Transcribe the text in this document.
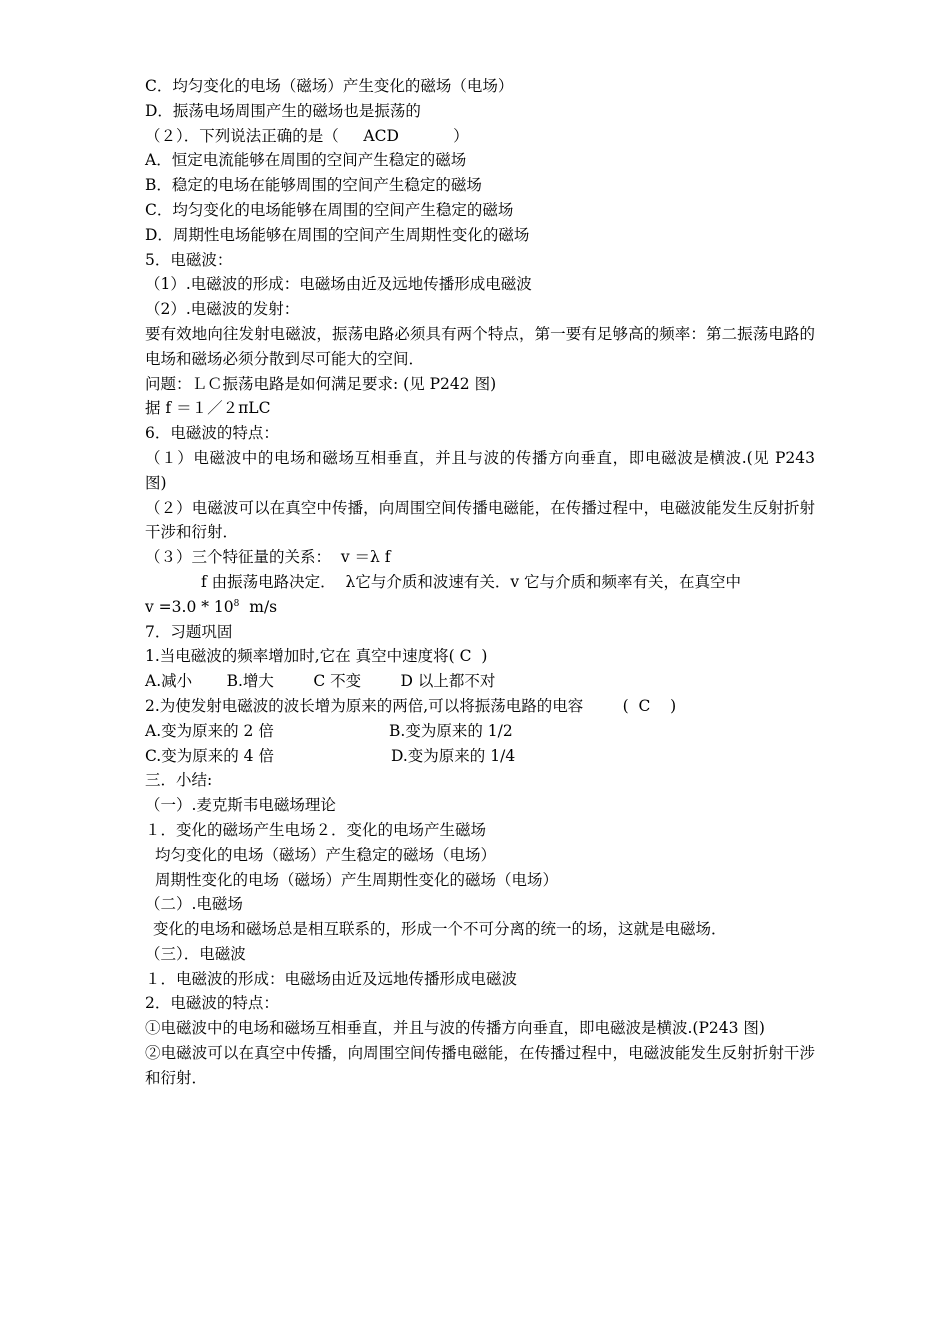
C．均匀变化的电场（磁场）产生变化的磁场（电场）
D．振荡电场周围产生的磁场也是振荡的
（２）．下列说法正确的是（     ACD           ）
A．恒定电流能够在周围的空间产生稳定的磁场
B．稳定的电场在能够周围的空间产生稳定的磁场
C．均匀变化的电场能够在周围的空间产生稳定的磁场
D．周期性电场能够在周围的空间产生周期性变化的磁场
5．电磁波：
（1）.电磁波的形成：电磁场由近及远地传播形成电磁波
（2）.电磁波的发射：
要有效地向往发射电磁波，振荡电路必须具有两个特点，第一要有足够高的频率：第二振荡电路的电场和磁场必须分散到尽可能大的空间．
问题：ＬＣ振荡电路是如何满足要求: (见 P242 图)
据 f ＝１／２πLC
6．电磁波的特点：
（１）电磁波中的电场和磁场互相垂直，并且与波的传播方向垂直，即电磁波是横波.(见 P243 图)
（２）电磁波可以在真空中传播，向周围空间传播电磁能，在传播过程中，电磁波能发生反射折射干涉和衍射．
（３）三个特征量的关系：  v ＝λ f
f 由振荡电路决定．  λ它与介质和波速有关．v 它与介质和频率有关，在真空中
$v =3.0 * 10^8$  m/s
7．习题巩固
1.当电磁波的频率增加时,它在 真空中速度将( C  )
A.减小       B.增大        C 不变        D 以上都不对
2.为使发射电磁波的波长增为原来的两倍,可以将振荡电路的电容        (  C    )
A.变为原来的 2 倍	B.变为原来的 1/2
C.变为原来的 4 倍	D.变为原来的 1/4
三．小结:
（一）.麦克斯韦电磁场理论
１．变化的磁场产生电场２．变化的电场产生磁场
均匀变化的电场（磁场）产生稳定的磁场（电场）
周期性变化的电场（磁场）产生周期性变化的磁场（电场）
（二）.电磁场
变化的电场和磁场总是相互联系的，形成一个不可分离的统一的场，这就是电磁场．
（三）．电磁波
１．电磁波的形成：电磁场由近及远地传播形成电磁波
2．电磁波的特点：
①电磁波中的电场和磁场互相垂直，并且与波的传播方向垂直，即电磁波是横波.(P243 图)
②电磁波可以在真空中传播，向周围空间传播电磁能，在传播过程中，电磁波能发生反射折射干涉和衍射．
